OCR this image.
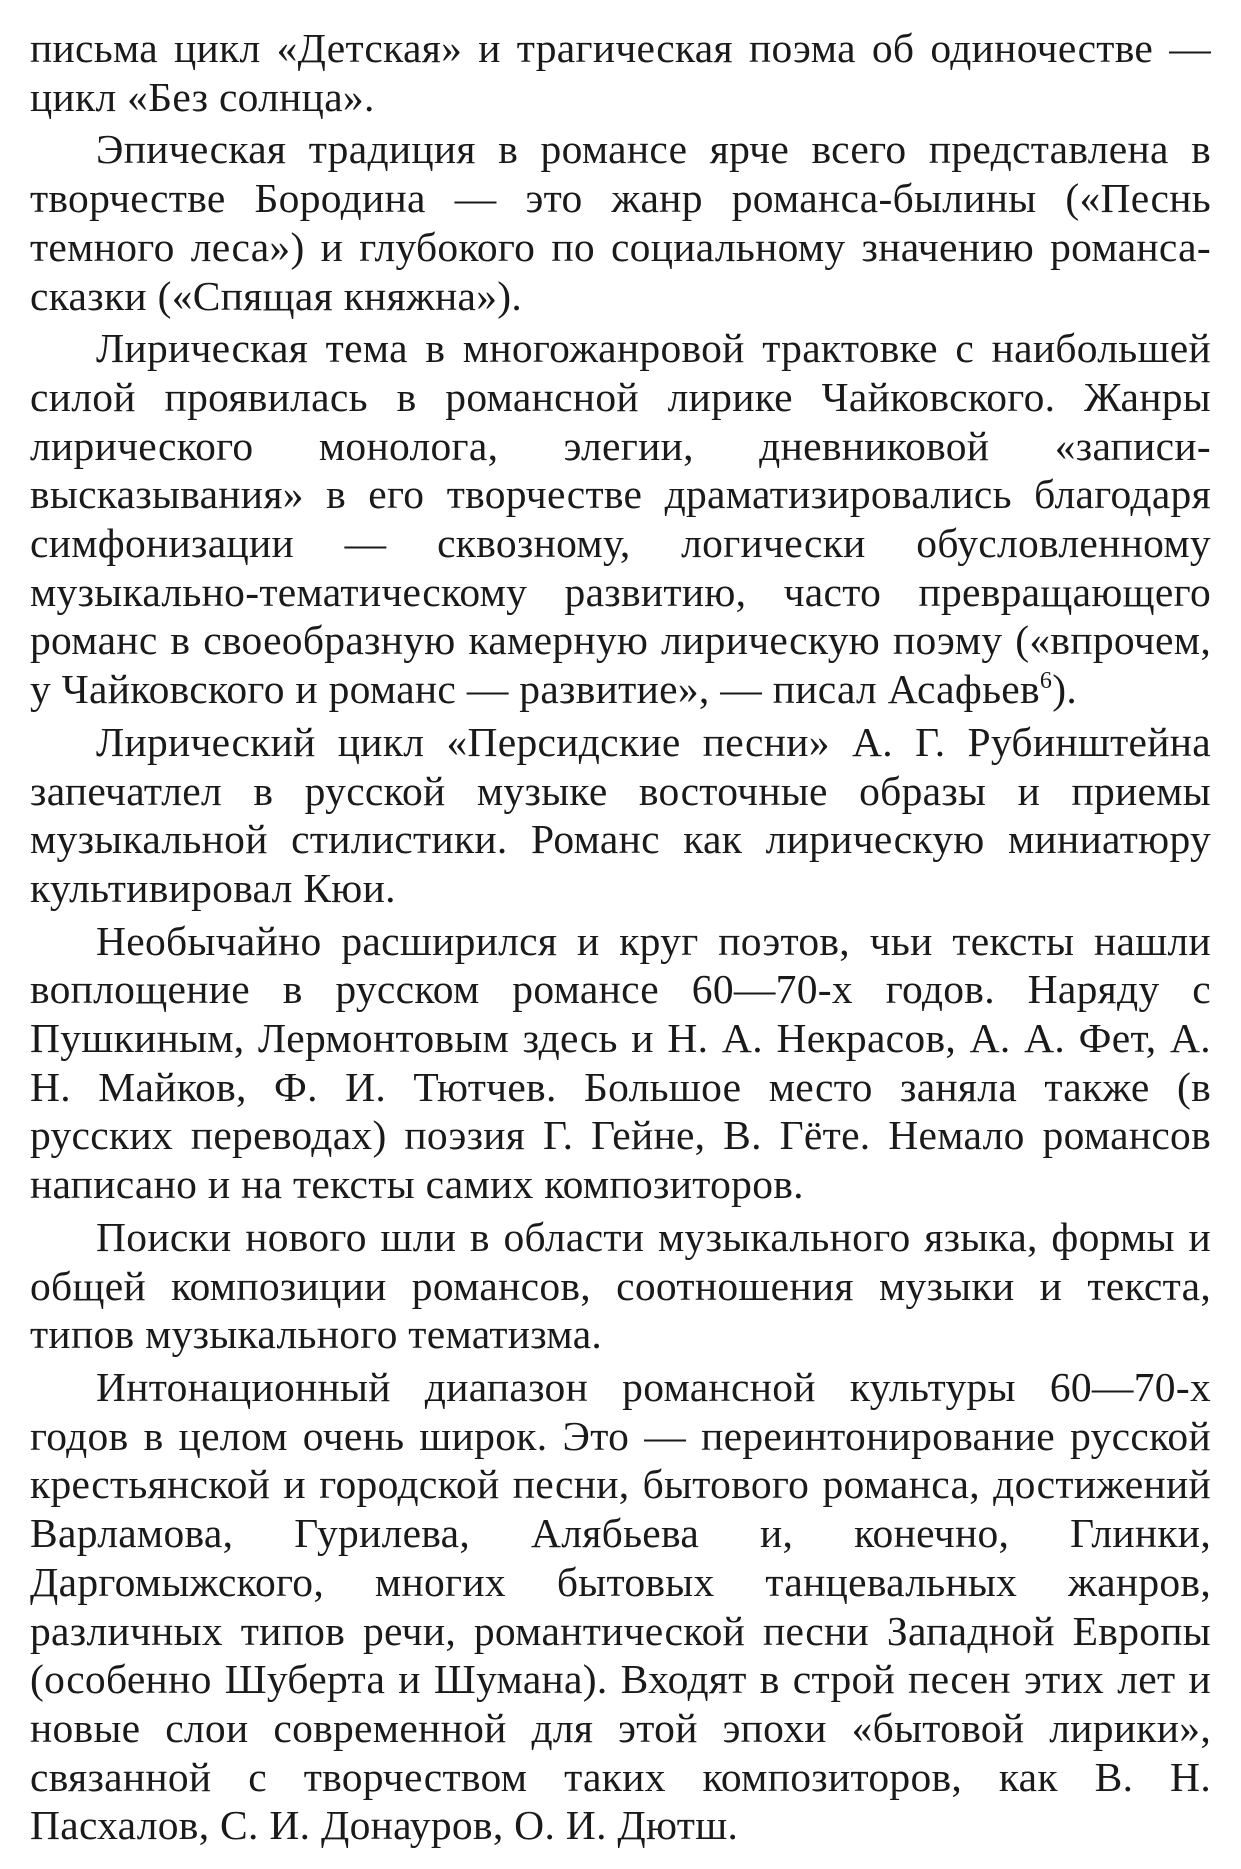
письма цикл «Детская» и трагическая поэма об одиночестве — цикл «Без солнца».

Эпическая традиция в романсе ярче всего представлена в творчестве Бородина — это жанр романса-былины («Песнь темного леса») и глубокого по социальному значению романса-сказки («Спящая княжна»).

Лирическая тема в многожанровой трактовке с наибольшей силой проявилась в романсной лирике Чайковского. Жанры лирического монолога, элегии, дневниковой «записи-высказывания» в его творчестве драматизировались благодаря симфонизации — сквозному, логически обусловленному музыкально-тематическому развитию, часто превращающего романс в своеобразную камерную лирическую поэму («впрочем, у Чайковского и романс — развитие», — писал Асафьев$^6$).

Лирический цикл «Персидские песни» А. Г. Рубинштейна запечатлел в русской музыке восточные образы и приемы музыкальной стилистики. Романс как лирическую миниатюру культивировал Кюи.

Необычайно расширился и круг поэтов, чьи тексты нашли воплощение в русском романсе 60—70-х годов. Наряду с Пушкиным, Лермонтовым здесь и Н. А. Некрасов, А. А. Фет, А. Н. Майков, Ф. И. Тютчев. Большое место заняла также (в русских переводах) поэзия Г. Гейне, В. Гёте. Немало романсов написано и на тексты самих композиторов.

Поиски нового шли в области музыкального языка, формы и общей композиции романсов, соотношения музыки и текста, типов музыкального тематизма.

Интонационный диапазон романсной культуры 60—70-х годов в целом очень широк. Это — переинтонирование русской крестьянской и городской песни, бытового романса, достижений Варламова, Гурилева, Алябьева и, конечно, Глинки, Даргомыжского, многих бытовых танцевальных жанров, различных типов речи, романтической песни Западной Европы (особенно Шуберта и Шумана). Входят в строй песен этих лет и новые слои современной для этой эпохи «бытовой лирики», связанной с творчеством таких композиторов, как В. Н. Пасхалов, С. И. Донауров, О. И. Дютш.
